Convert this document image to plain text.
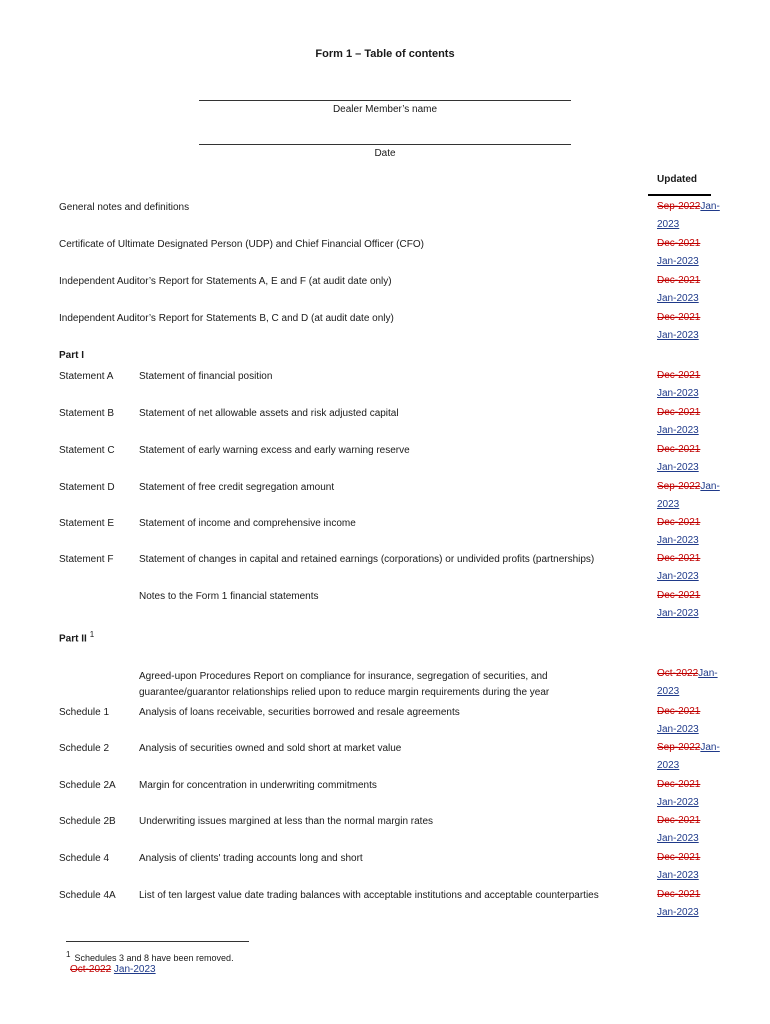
Form 1 – Table of contents
Dealer Member’s name
Date
Updated
General notes and definitions	Sep-2022Jan-2023
Certificate of Ultimate Designated Person (UDP) and Chief Financial Officer (CFO)	Dec-2021
Jan-2023
Independent Auditor’s Report for Statements A, E and F (at audit date only)	Dec-2021
Jan-2023
Independent Auditor’s Report for Statements B, C and D (at audit date only)	Dec-2021
Jan-2023
Part I
Statement A	Statement of financial position	Dec-2021
Jan-2023
Statement B	Statement of net allowable assets and risk adjusted capital	Dec-2021
Jan-2023
Statement C	Statement of early warning excess and early warning reserve	Dec-2021
Jan-2023
Statement D	Statement of free credit segregation amount	Sep-2022Jan-2023
Statement E	Statement of income and comprehensive income	Dec-2021
Jan-2023
Statement F	Statement of changes in capital and retained earnings (corporations) or undivided profits (partnerships)	Dec-2021
Jan-2023
Notes to the Form 1 financial statements	Dec-2021
Jan-2023
Part II $^1$
Agreed-upon Procedures Report on compliance for insurance, segregation of securities, and guarantee/guarantor relationships relied upon to reduce margin requirements during the year
Oct-2022Jan-2023
Schedule 1	Analysis of loans receivable, securities borrowed and resale agreements	Dec-2021
Jan-2023
Schedule 2	Analysis of securities owned and sold short at market value	Sep-2022Jan-2023
Schedule 2A	Margin for concentration in underwriting commitments	Dec-2021
Jan-2023
Schedule 2B	Underwriting issues margined at less than the normal margin rates	Dec-2021
Jan-2023
Schedule 4	Analysis of clients' trading accounts long and short	Dec-2021
Jan-2023
Schedule 4A	List of ten largest value date trading balances with acceptable institutions and acceptable counterparties	Dec-2021
Jan-2023
$^1$ Schedules 3 and 8 have been removed.
Oct-2022 Jan-2023
